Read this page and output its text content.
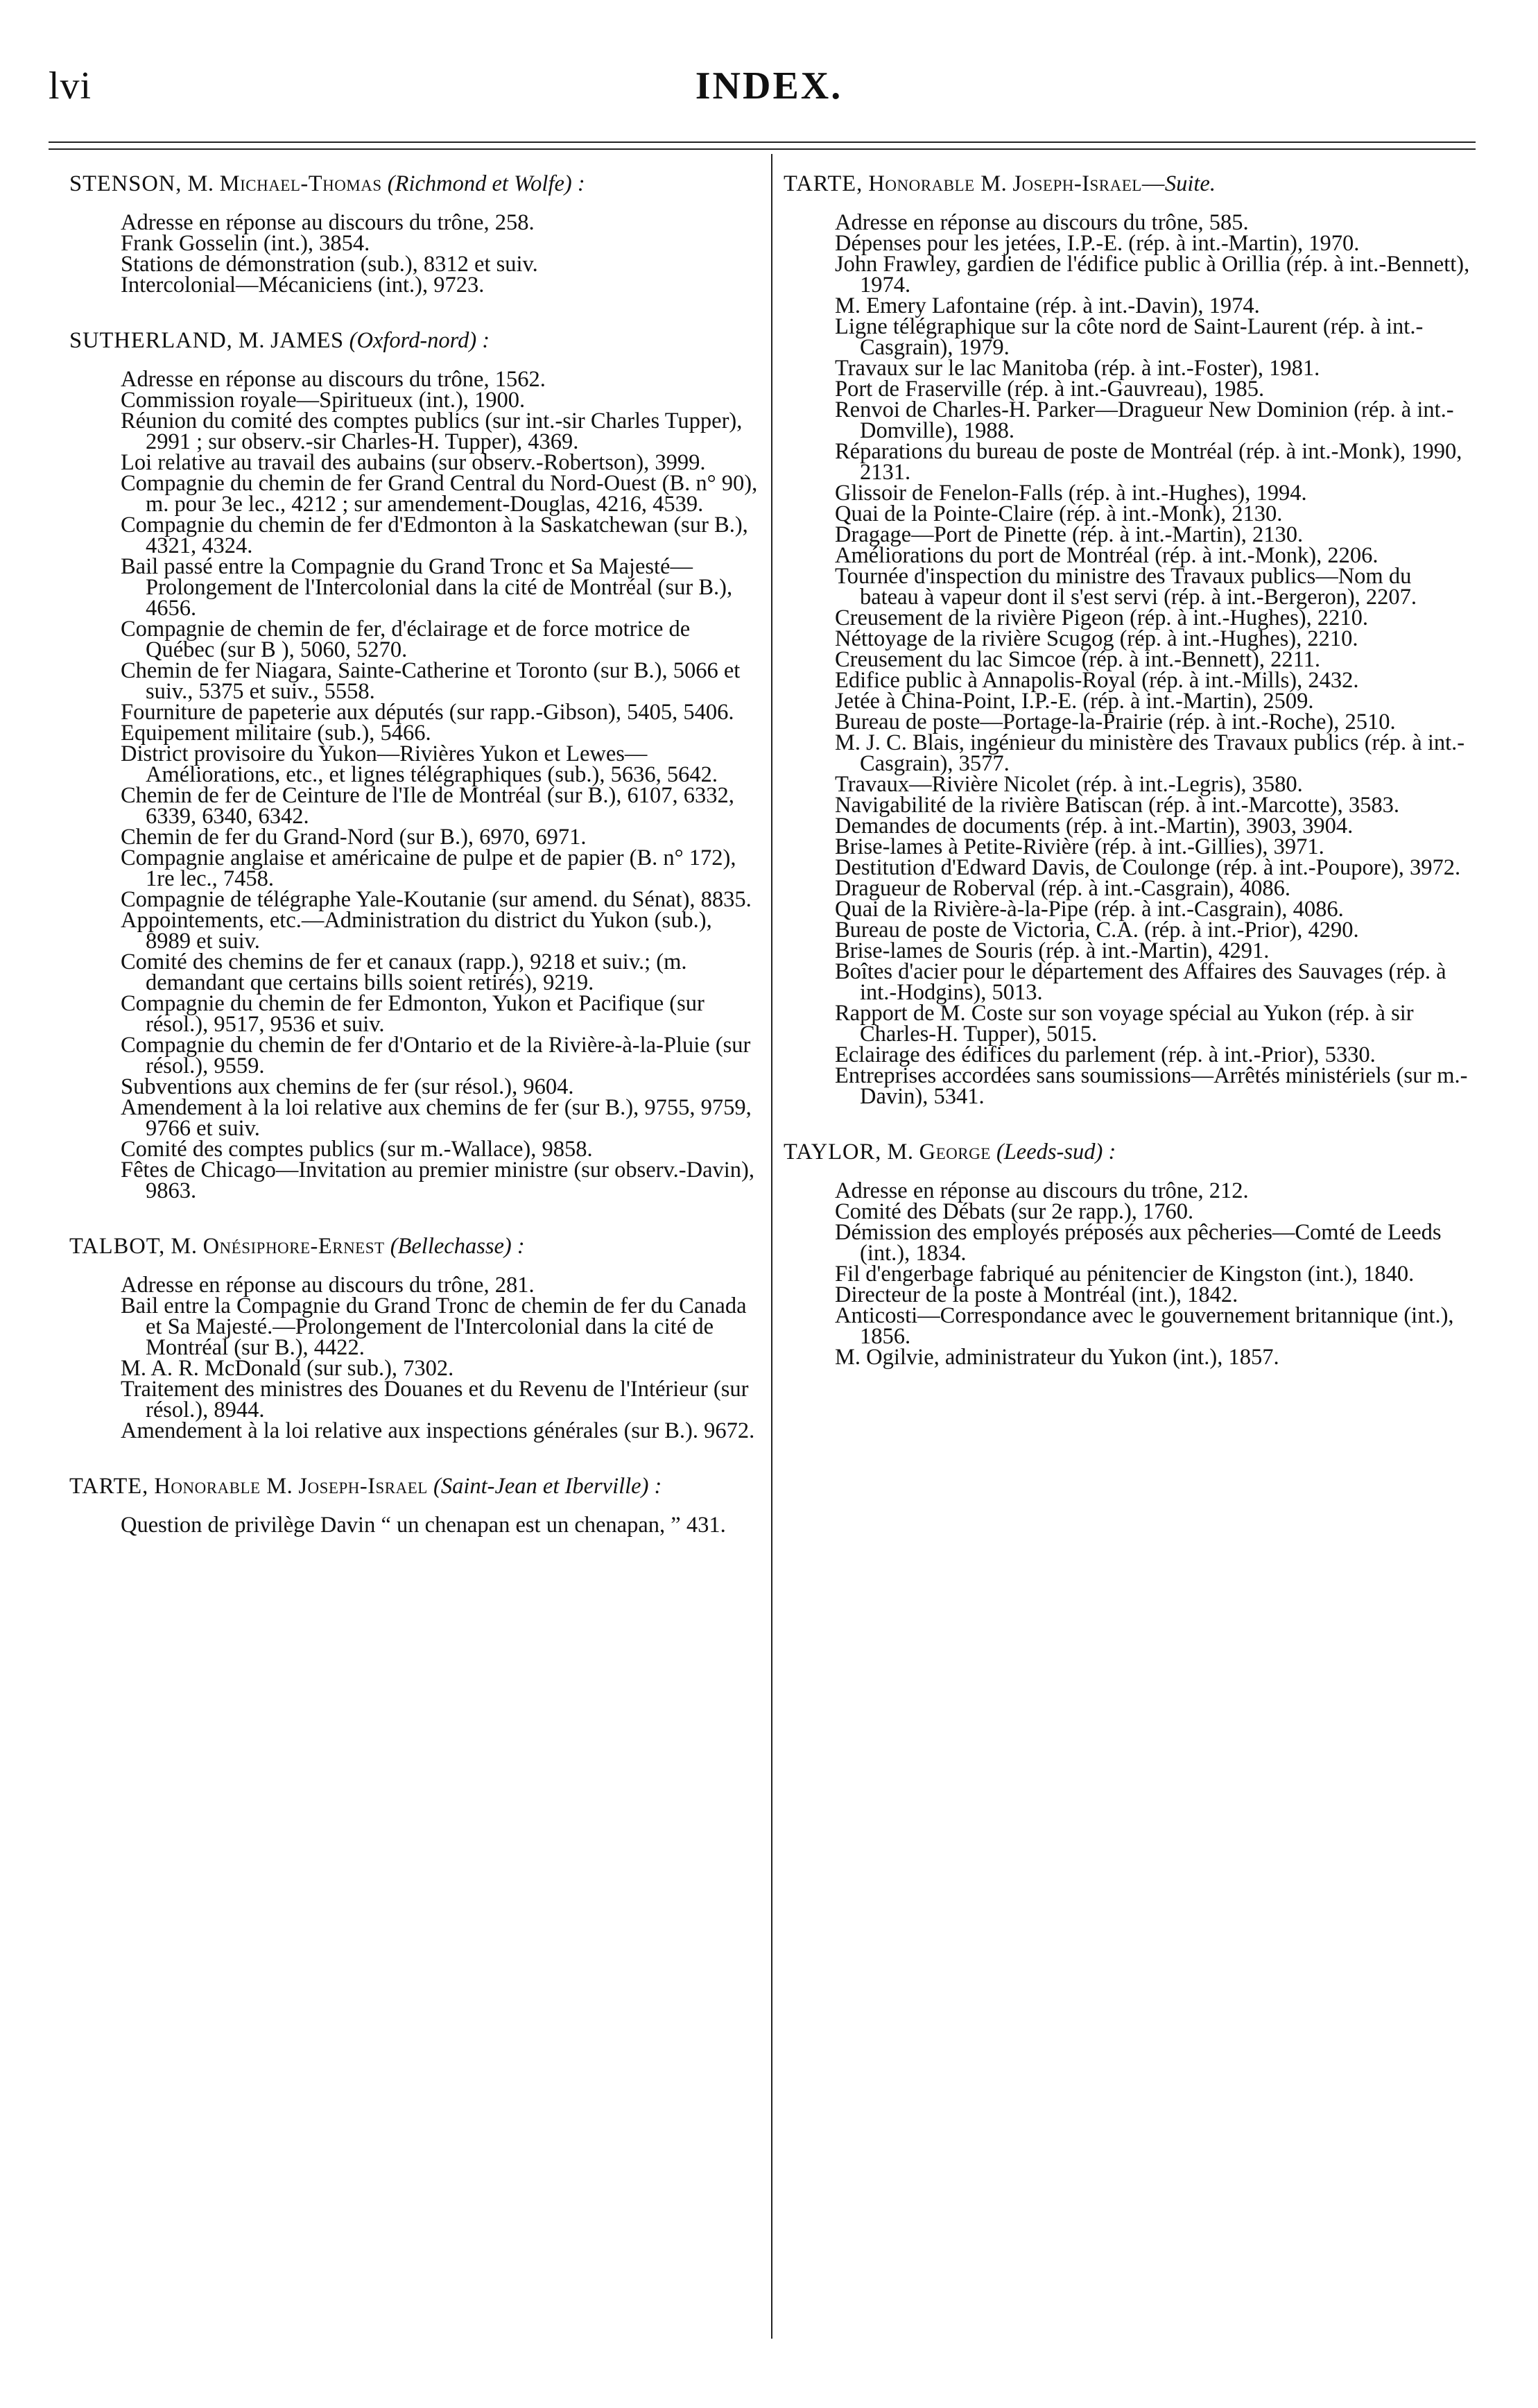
lvi	INDEX.
STENSON, M. Michael-Thomas (Richmond et Wolfe) :

Adresse en réponse au discours du trône, 258.

Frank Gosselin (int.), 3854.

Stations de démonstration (sub.), 8312 et suiv.

Intercolonial—Mécaniciens (int.), 9723.

SUTHERLAND, M. JAMES (Oxford-nord) :

Adresse en réponse au discours du trône, 1562.

Commission royale—Spiritueux (int.), 1900.

Réunion du comité des comptes publics (sur int.-sir Charles Tupper), 2991 ; sur observ.-sir Charles-H. Tupper), 4369.

Loi relative au travail des aubains (sur observ.-Robertson), 3999.

Compagnie du chemin de fer Grand Central du Nord-Ouest (B. n° 90), m. pour 3e lec., 4212 ; sur amendement-Douglas, 4216, 4539.

Compagnie du chemin de fer d'Edmonton à la Saskatchewan (sur B.), 4321, 4324.

Bail passé entre la Compagnie du Grand Tronc et Sa Majesté—Prolongement de l'Intercolonial dans la cité de Montréal (sur B.), 4656.

Compagnie de chemin de fer, d'éclairage et de force motrice de Québec (sur B ), 5060, 5270.

Chemin de fer Niagara, Sainte-Catherine et Toronto (sur B.), 5066 et suiv., 5375 et suiv., 5558.

Fourniture de papeterie aux députés (sur rapp.-Gibson), 5405, 5406.

Equipement militaire (sub.), 5466.

District provisoire du Yukon—Rivières Yukon et Lewes—Améliorations, etc., et lignes télégraphiques (sub.), 5636, 5642.

Chemin de fer de Ceinture de l'Ile de Montréal (sur B.), 6107, 6332, 6339, 6340, 6342.

Chemin de fer du Grand-Nord (sur B.), 6970, 6971.

Compagnie anglaise et américaine de pulpe et de papier (B. n° 172), 1re lec., 7458.

Compagnie de télégraphe Yale-Koutanie (sur amend. du Sénat), 8835.

Appointements, etc.—Administration du district du Yukon (sub.), 8989 et suiv.

Comité des chemins de fer et canaux (rapp.), 9218 et suiv.; (m. demandant que certains bills soient retirés), 9219.

Compagnie du chemin de fer Edmonton, Yukon et Pacifique (sur résol.), 9517, 9536 et suiv.

Compagnie du chemin de fer d'Ontario et de la Rivière-à-la-Pluie (sur résol.), 9559.

Subventions aux chemins de fer (sur résol.), 9604.

Amendement à la loi relative aux chemins de fer (sur B.), 9755, 9759, 9766 et suiv.

Comité des comptes publics (sur m.-Wallace), 9858.

Fêtes de Chicago—Invitation au premier ministre (sur observ.-Davin), 9863.

TALBOT, M. Onésiphore-Ernest (Bellechasse) :

Adresse en réponse au discours du trône, 281.

Bail entre la Compagnie du Grand Tronc de chemin de fer du Canada et Sa Majesté.—Prolongement de l'Intercolonial dans la cité de Montréal (sur B.), 4422.

M. A. R. McDonald (sur sub.), 7302.

Traitement des ministres des Douanes et du Revenu de l'Intérieur (sur résol.), 8944.

Amendement à la loi relative aux inspections générales (sur B.). 9672.

TARTE, Honorable M. Joseph-Israel (Saint-Jean et Iberville) :

Question de privilège Davin “ un chenapan est un chenapan, ” 431.

TARTE, Honorable M. Joseph-Israel—Suite.

Adresse en réponse au discours du trône, 585.

Dépenses pour les jetées, I.P.-E. (rép. à int.-Martin), 1970.

John Frawley, gardien de l'édifice public à Orillia (rép. à int.-Bennett), 1974.

M. Emery Lafontaine (rép. à int.-Davin), 1974.

Ligne télégraphique sur la côte nord de Saint-Laurent (rép. à int.-Casgrain), 1979.

Travaux sur le lac Manitoba (rép. à int.-Foster), 1981.

Port de Fraserville (rép. à int.-Gauvreau), 1985.

Renvoi de Charles-H. Parker—Dragueur New Dominion (rép. à int.-Domville), 1988.

Réparations du bureau de poste de Montréal (rép. à int.-Monk), 1990, 2131.

Glissoir de Fenelon-Falls (rép. à int.-Hughes), 1994.

Quai de la Pointe-Claire (rép. à int.-Monk), 2130.

Dragage—Port de Pinette (rép. à int.-Martin), 2130.

Améliorations du port de Montréal (rép. à int.-Monk), 2206.

Tournée d'inspection du ministre des Travaux publics—Nom du bateau à vapeur dont il s'est servi (rép. à int.-Bergeron), 2207.

Creusement de la rivière Pigeon (rép. à int.-Hughes), 2210.

Néttoyage de la rivière Scugog (rép. à int.-Hughes), 2210.

Creusement du lac Simcoe (rép. à int.-Bennett), 2211.

Edifice public à Annapolis-Royal (rép. à int.-Mills), 2432.

Jetée à China-Point, I.P.-E. (rép. à int.-Martin), 2509.

Bureau de poste—Portage-la-Prairie (rép. à int.-Roche), 2510.

M. J. C. Blais, ingénieur du ministère des Travaux publics (rép. à int.-Casgrain), 3577.

Travaux—Rivière Nicolet (rép. à int.-Legris), 3580.

Navigabilité de la rivière Batiscan (rép. à int.-Marcotte), 3583.

Demandes de documents (rép. à int.-Martin), 3903, 3904.

Brise-lames à Petite-Rivière (rép. à int.-Gillies), 3971.

Destitution d'Edward Davis, de Coulonge (rép. à int.-Poupore), 3972.

Dragueur de Roberval (rép. à int.-Casgrain), 4086.

Quai de la Rivière-à-la-Pipe (rép. à int.-Casgrain), 4086.

Bureau de poste de Victoria, C.A. (rép. à int.-Prior), 4290.

Brise-lames de Souris (rép. à int.-Martin), 4291.

Boîtes d'acier pour le département des Affaires des Sauvages (rép. à int.-Hodgins), 5013.

Rapport de M. Coste sur son voyage spécial au Yukon (rép. à sir Charles-H. Tupper), 5015.

Eclairage des édifices du parlement (rép. à int.-Prior), 5330.

Entreprises accordées sans soumissions—Arrêtés ministériels (sur m.-Davin), 5341.

TAYLOR, M. George (Leeds-sud) :

Adresse en réponse au discours du trône, 212.

Comité des Débats (sur 2e rapp.), 1760.

Démission des employés préposés aux pêcheries—Comté de Leeds (int.), 1834.

Fil d'engerbage fabriqué au pénitencier de Kingston (int.), 1840.

Directeur de la poste à Montréal (int.), 1842.

Anticosti—Correspondance avec le gouvernement britannique (int.), 1856.

M. Ogilvie, administrateur du Yukon (int.), 1857.
